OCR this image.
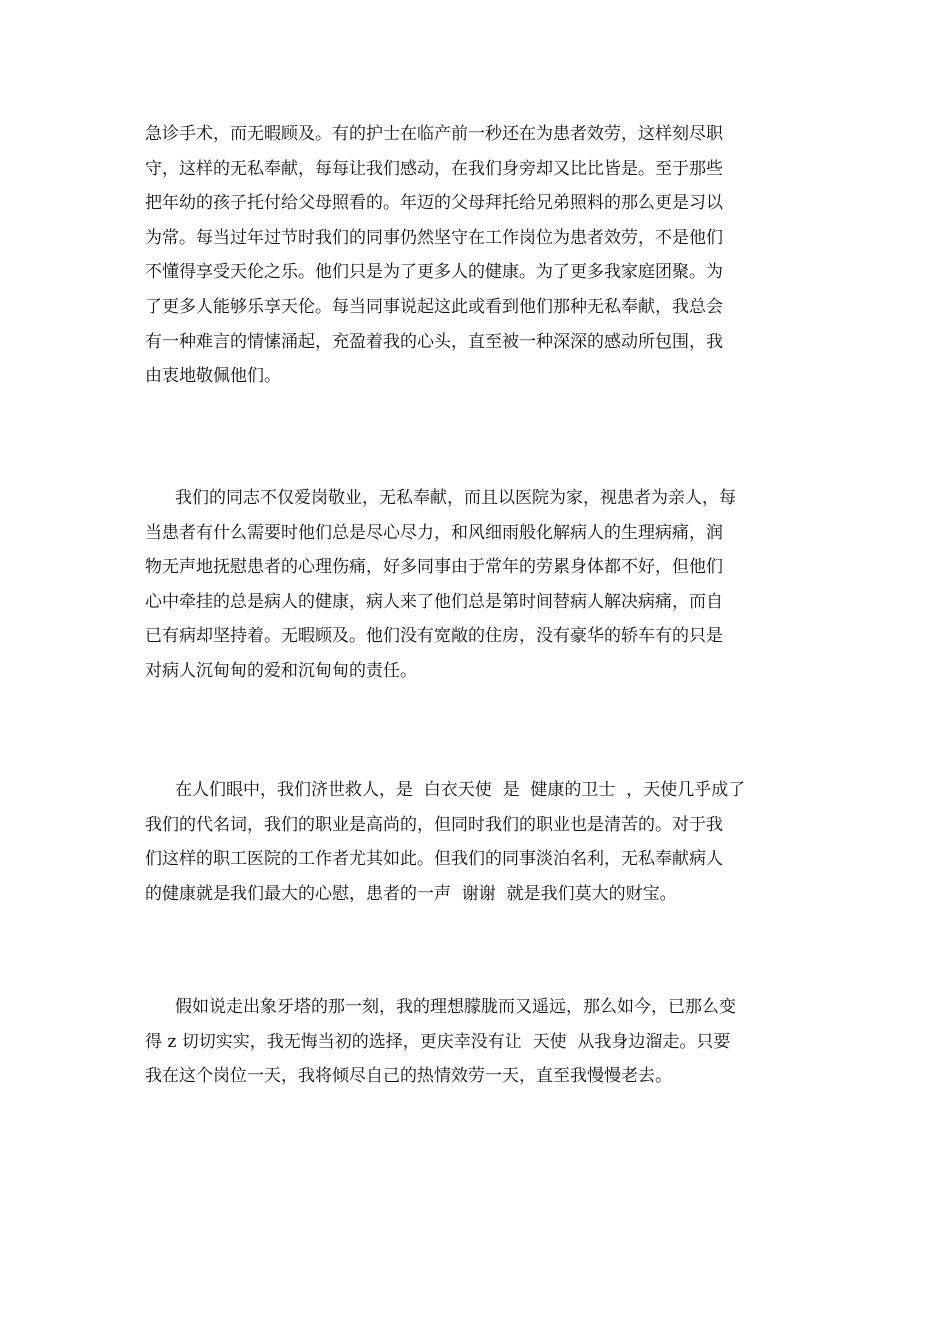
急诊手术，而无暇顾及。有的护士在临产前一秒还在为患者效劳，这样刻尽职
守，这样的无私奉献，每每让我们感动，在我们身旁却又比比皆是。至于那些
把年幼的孩子托付给父母照看的。年迈的父母拜托给兄弟照料的那么更是习以
为常。每当过年过节时我们的同事仍然坚守在工作岗位为患者效劳，不是他们
不懂得享受天伦之乐。他们只是为了更多人的健康。为了更多我家庭团聚。为
了更多人能够乐享天伦。每当同事说起这此或看到他们那种无私奉献，我总会
有一种难言的情愫涌起，充盈着我的心头，直至被一种深深的感动所包围，我
由衷地敬佩他们。
我们的同志不仅爱岗敬业，无私奉献，而且以医院为家，视患者为亲人，每
当患者有什么需要时他们总是尽心尽力，和风细雨般化解病人的生理病痛，润
物无声地抚慰患者的心理伤痛，好多同事由于常年的劳累身体都不好，但他们
心中牵挂的总是病人的健康，病人来了他们总是第时间替病人解决病痛，而自
已有病却坚持着。无暇顾及。他们没有宽敞的住房，没有豪华的轿车有的只是
对病人沉甸甸的爱和沉甸甸的责任。
在人们眼中，我们济世救人，是  白衣天使  是  健康的卫士  ，天使几乎成了
我们的代名词，我们的职业是高尚的，但同时我们的职业也是清苦的。对于我
们这样的职工医院的工作者尤其如此。但我们的同事淡泊名利，无私奉献病人
的健康就是我们最大的心慰，患者的一声  谢谢  就是我们莫大的财宝。
假如说走出象牙塔的那一刻，我的理想朦胧而又遥远，那么如今，已那么变
得 z 切切实实，我无悔当初的选择，更庆幸没有让  天使  从我身边溜走。只要
我在这个岗位一天，我将倾尽自己的热情效劳一天，直至我慢慢老去。
